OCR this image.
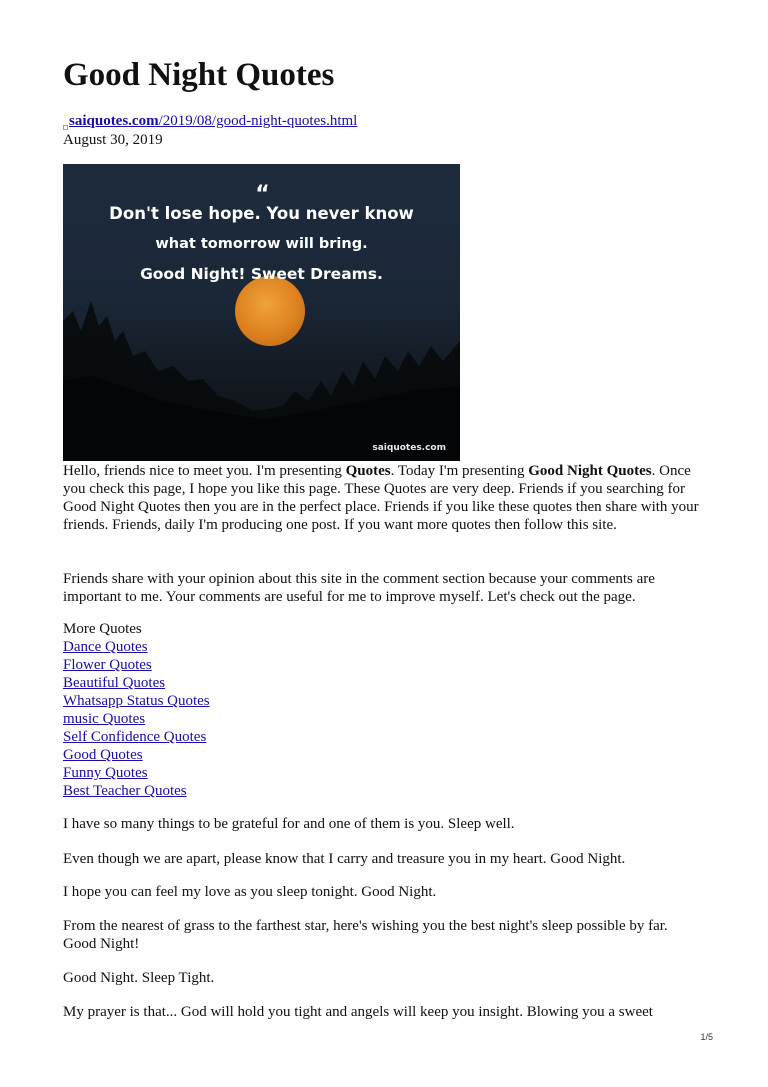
Good Night Quotes
saiquotes.com/2019/08/good-night-quotes.html
August 30, 2019
“
Don't lose hope. You never know
what tomorrow will bring.
Good Night! Sweet Dreams.
saiquotes.com
Hello, friends nice to meet you. I'm presenting Quotes. Today I'm presenting Good Night Quotes. Once you check this page, I hope you like this page. These Quotes are very deep. Friends if you searching for Good Night Quotes then you are in the perfect place. Friends if you like these quotes then share with your friends. Friends, daily I'm producing one post. If you want more quotes then follow this site.
Friends share with your opinion about this site in the comment section because your comments are important to me. Your comments are useful for me to improve myself. Let's check out the page.
More Quotes
Dance Quotes
Flower Quotes
Beautiful Quotes
Whatsapp Status Quotes
music Quotes
Self Confidence Quotes
Good Quotes
Funny Quotes
Best Teacher Quotes
I have so many things to be grateful for and one of them is you. Sleep well.
Even though we are apart, please know that I carry and treasure you in my heart. Good Night.
I hope you can feel my love as you sleep tonight. Good Night.
From the nearest of grass to the farthest star, here's wishing you the best night's sleep possible by far. Good Night!
Good Night. Sleep Tight.
My prayer is that... God will hold you tight and angels will keep you insight. Blowing you a sweet
1/5
